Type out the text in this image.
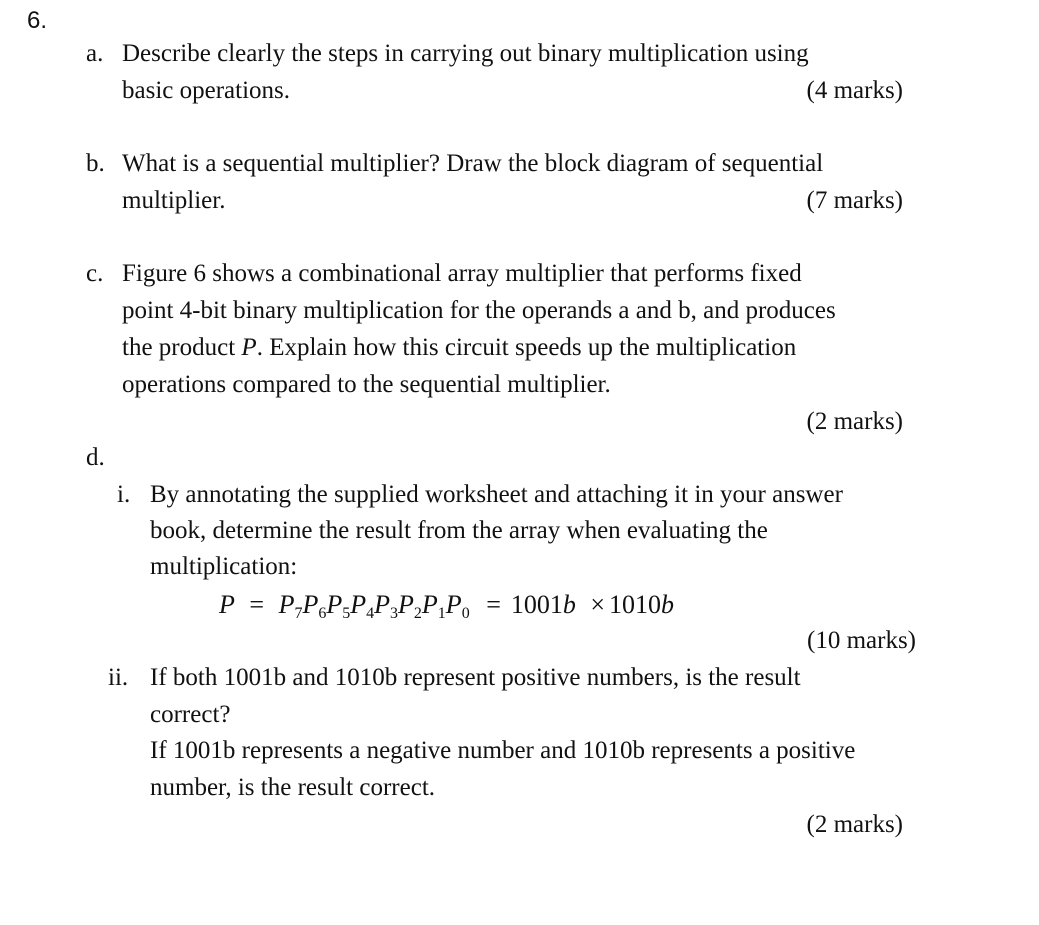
6.
a. Describe clearly the steps in carrying out binary multiplication using
basic operations.	(4 marks)
b. What is a sequential multiplier? Draw the block diagram of sequential
multiplier.	(7 marks)
c. Figure 6 shows a combinational array multiplier that performs fixed
point 4-bit binary multiplication for the operands a and b, and produces
the product P. Explain how this circuit speeds up the multiplication
operations compared to the sequential multiplier.
(2 marks)
d.
i. By annotating the supplied worksheet and attaching it in your answer
book, determine the result from the array when evaluating the
multiplication:
$P = P_7P_6P_5P_4P_3P_2P_1P_0 = 1001b \times 1010b$
(10 marks)
ii. If both 1001b and 1010b represent positive numbers, is the result
correct?
If 1001b represents a negative number and 1010b represents a positive
number, is the result correct.
(2 marks)
